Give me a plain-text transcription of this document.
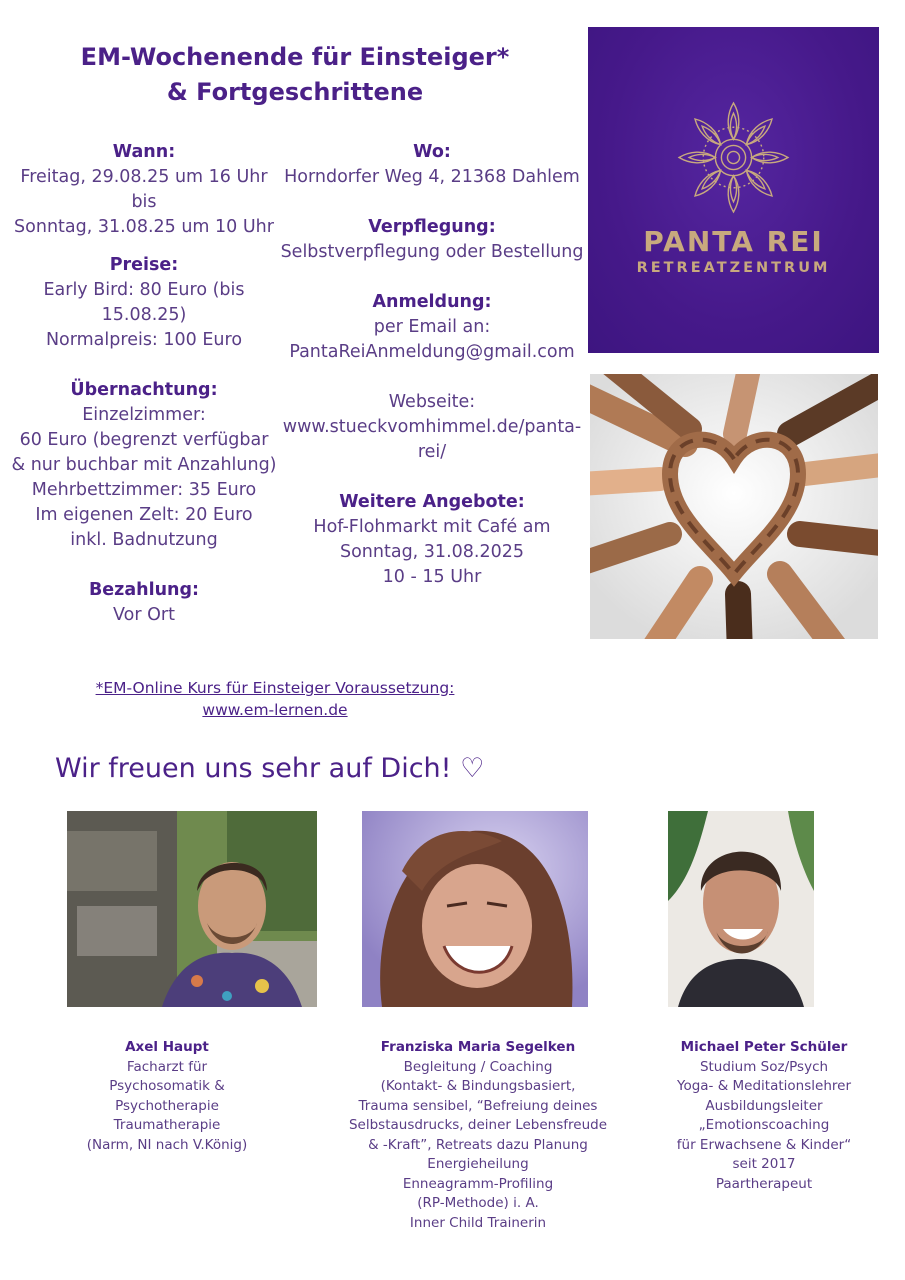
EM-Wochenende für Einsteiger*
& Fortgeschrittene
Wann:
Freitag, 29.08.25 um 16 Uhr
bis
Sonntag, 31.08.25 um 10 Uhr
Preise:
Early Bird: 80 Euro (bis
15.08.25)
Normalpreis: 100 Euro
Übernachtung:
Einzelzimmer:
60 Euro (begrenzt verfügbar
& nur buchbar mit Anzahlung)
Mehrbettzimmer: 35 Euro
Im eigenen Zelt: 20 Euro
inkl. Badnutzung
Bezahlung:
Vor Ort
Wo:
Horndorfer Weg 4, 21368 Dahlem
Verpflegung:
Selbstverpflegung oder Bestellung
Anmeldung:
per Email an:
PantaReiAnmeldung@gmail.com
Webseite:
www.stueckvomhimmel.de/panta-
rei/
Weitere Angebote:
Hof-Flohmarkt mit Café am
Sonntag, 31.08.2025
10 - 15 Uhr
PANTA REI
RETREATZENTRUM
*EM-Online Kurs für Einsteiger Voraussetzung:
www.em-lernen.de
Wir freuen uns sehr auf Dich! ♡
Axel Haupt
Facharzt für
Psychosomatik &
Psychotherapie
Traumatherapie
(Narm, NI nach V.König)
Franziska Maria Segelken
Begleitung / Coaching
(Kontakt- & Bindungsbasiert,
Trauma sensibel, “Befreiung deines
Selbstausdrucks, deiner Lebensfreude
& -Kraft”, Retreats dazu Planung
Energieheilung
Enneagramm-Profiling
(RP-Methode) i. A.
Inner Child Trainerin
Michael Peter Schüler
Studium Soz/Psych
Yoga- & Meditationslehrer
Ausbildungsleiter
„Emotionscoaching
für Erwachsene & Kinder“
seit 2017
Paartherapeut
